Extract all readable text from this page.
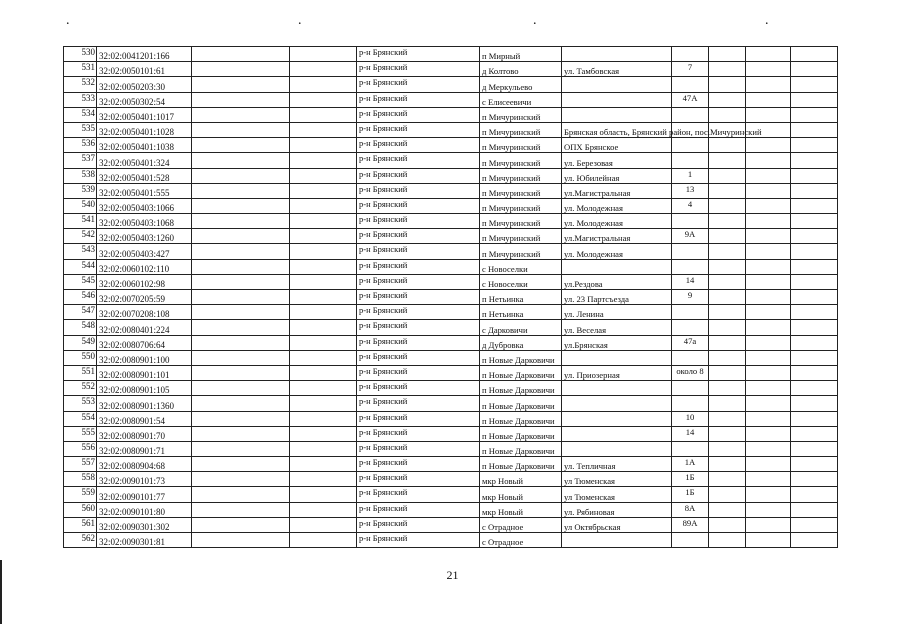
.	.	.	.
530	32:02:0041201:166			р-н Брянский	п Мирный					
531	32:02:0050101:61			р-н Брянский	д Колтово	ул. Тамбовская	7			
532	32:02:0050203:30			р-н Брянский	д Меркульево					
533	32:02:0050302:54			р-н Брянский	с Елисеевичи		47А			
534	32:02:0050401:1017			р-н Брянский	п Мичуринский					
535	32:02:0050401:1028			р-н Брянский	п Мичуринский	Брянская область, Брянский район, пос.Мичуринский				
536	32:02:0050401:1038			р-н Брянский	п Мичуринский	ОПХ Брянское				
537	32:02:0050401:324			р-н Брянский	п Мичуринский	ул. Березовая				
538	32:02:0050401:528			р-н Брянский	п Мичуринский	ул. Юбилейная	1			
539	32:02:0050401:555			р-н Брянский	п Мичуринский	ул.Магистральная	13			
540	32:02:0050403:1066			р-н Брянский	п Мичуринский	ул. Молодежная	4			
541	32:02:0050403:1068			р-н Брянский	п Мичуринский	ул. Молодежная				
542	32:02:0050403:1260			р-н Брянский	п Мичуринский	ул.Магистральная	9А			
543	32:02:0050403:427			р-н Брянский	п Мичуринский	ул. Молодежная				
544	32:02:0060102:110			р-н Брянский	с Новоселки					
545	32:02:0060102:98			р-н Брянский	с Новоселки	ул.Рездова	14			
546	32:02:0070205:59			р-н Брянский	п Нетьинка	ул. 23 Партсъезда	9			
547	32:02:0070208:108			р-н Брянский	п Нетьинка	ул. Ленина				
548	32:02:0080401:224			р-н Брянский	с Дарковичи	ул. Веселая				
549	32:02:0080706:64			р-н Брянский	д Дубровка	ул.Брянская	47а			
550	32:02:0080901:100			р-н Брянский	п Новые Дарковичи					
551	32:02:0080901:101			р-н Брянский	п Новые Дарковичи	ул. Приозерная	около 8			
552	32:02:0080901:105			р-н Брянский	п Новые Дарковичи					
553	32:02:0080901:1360			р-н Брянский	п Новые Дарковичи					
554	32:02:0080901:54			р-н Брянский	п Новые Дарковичи		10			
555	32:02:0080901:70			р-н Брянский	п Новые Дарковичи		14			
556	32:02:0080901:71			р-н Брянский	п Новые Дарковичи					
557	32:02:0080904:68			р-н Брянский	п Новые Дарковичи	ул. Тепличная	1А			
558	32:02:0090101:73			р-н Брянский	мкр Новый	ул Тюменская	1Б			
559	32:02:0090101:77			р-н Брянский	мкр Новый	ул Тюменская	1Б			
560	32:02:0090101:80			р-н Брянский	мкр Новый	ул. Рябиновая	8А			
561	32:02:0090301:302			р-н Брянский	с Отрадное	ул Октябрьская	89А			
562	32:02:0090301:81			р-н Брянский	с Отрадное					
21
